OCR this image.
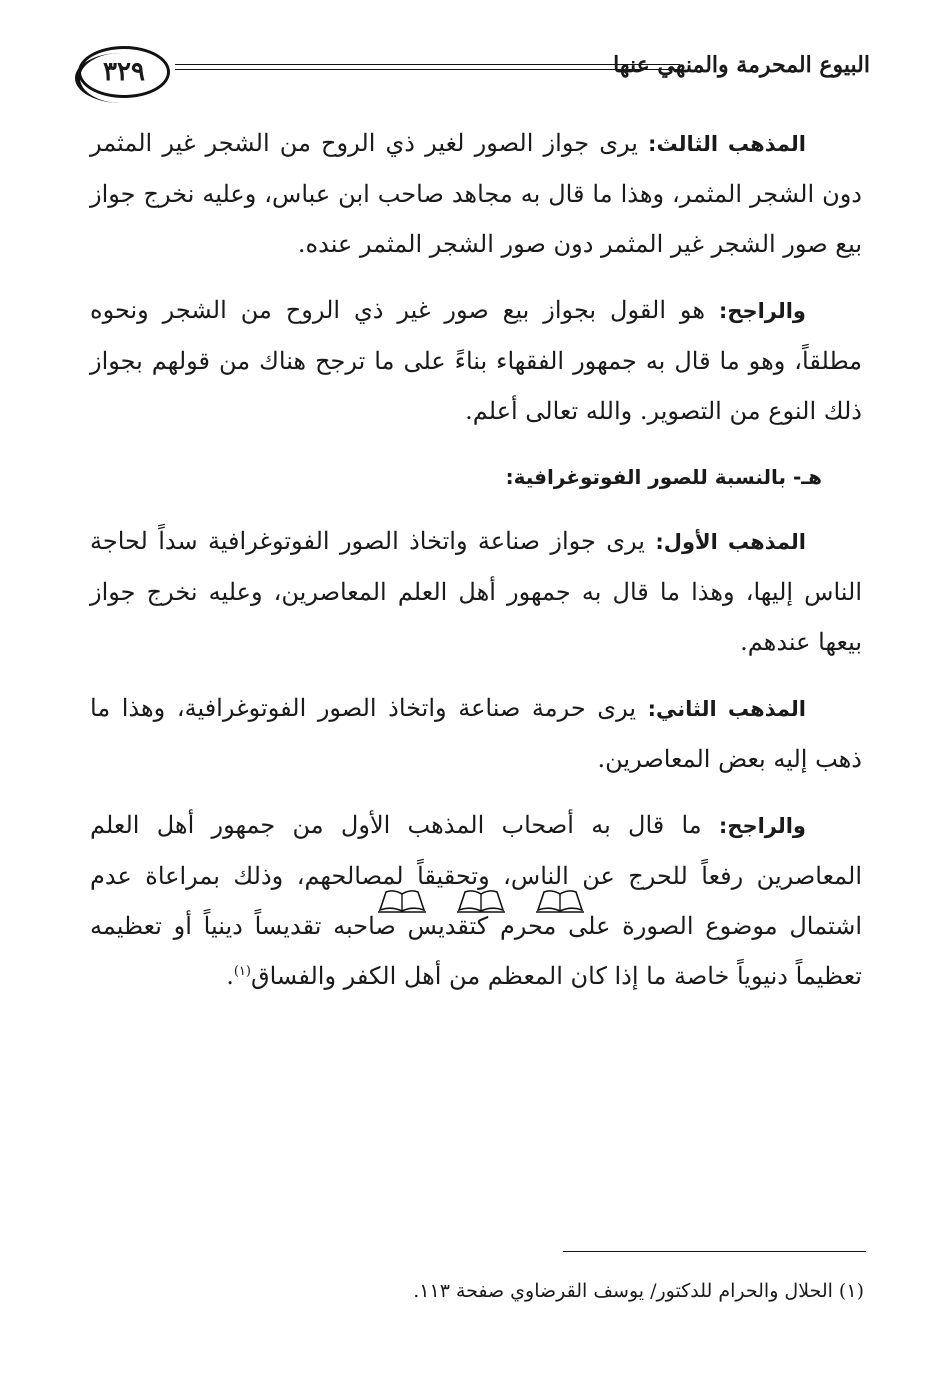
٣٢٩	البيوع المحرمة والمنهي عنها

المذهب الثالث: يرى جواز الصور لغير ذي الروح من الشجر غير المثمر دون الشجر المثمر، وهذا ما قال به مجاهد صاحب ابن عباس، وعليه نخرج جواز بيع صور الشجر غير المثمر دون صور الشجر المثمر عنده.

والراجح: هو القول بجواز بيع صور غير ذي الروح من الشجر ونحوه مطلقاً، وهو ما قال به جمهور الفقهاء بناءً على ما ترجح هناك من قولهم بجواز ذلك النوع من التصوير. والله تعالى أعلم.

هـ- بالنسبة للصور الفوتوغرافية:

المذهب الأول: يرى جواز صناعة واتخاذ الصور الفوتوغرافية سداً لحاجة الناس إليها، وهذا ما قال به جمهور أهل العلم المعاصرين، وعليه نخرج جواز بيعها عندهم.

المذهب الثاني: يرى حرمة صناعة واتخاذ الصور الفوتوغرافية، وهذا ما ذهب إليه بعض المعاصرين.

والراجح: ما قال به أصحاب المذهب الأول من جمهور أهل العلم المعاصرين رفعاً للحرج عن الناس، وتحقيقاً لمصالحهم، وذلك بمراعاة عدم اشتمال موضوع الصورة على محرم كتقديس صاحبه تقديساً دينياً أو تعظيمه تعظيماً دنيوياً خاصة ما إذا كان المعظم من أهل الكفر والفساق$^{(١)}$.

(١) الحلال والحرام للدكتور/ يوسف القرضاوي صفحة ١١٣.
